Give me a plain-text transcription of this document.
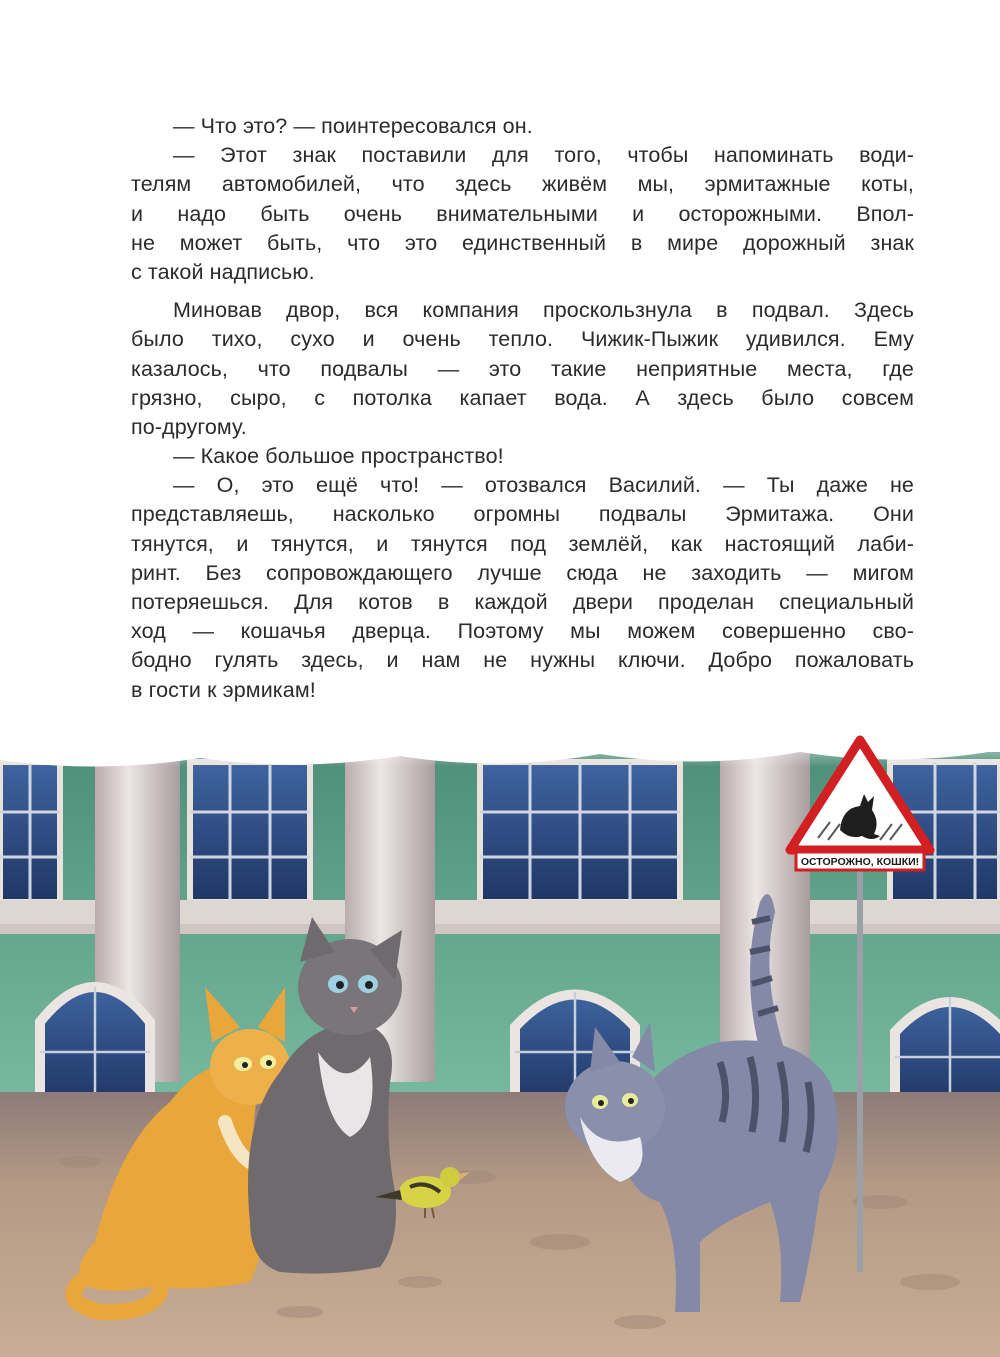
— Что это? — поинтересовался он.
— Этот знак поставили для того, чтобы напоминать води-
телям автомобилей, что здесь живём мы, эрмитажные коты,
и надо быть очень внимательными и осторожными. Впол-
не может быть, что это единственный в мире дорожный знак
с такой надписью.
Миновав двор, вся компания проскользнула в подвал. Здесь
было тихо, сухо и очень тепло. Чижик-Пыжик удивился. Ему
казалось, что подвалы — это такие неприятные места, где
грязно, сыро, с потолка капает вода. А здесь было совсем
по-другому.
— Какое большое пространство!
— О, это ещё что! — отозвался Василий. — Ты даже не
представляешь, насколько огромны подвалы Эрмитажа. Они
тянутся, и тянутся, и тянутся под землёй, как настоящий лаби-
ринт. Без сопровождающего лучше сюда не заходить — мигом
потеряешься. Для котов в каждой двери проделан специальный
ход — кошачья дверца. Поэтому мы можем совершенно сво-
бодно гулять здесь, и нам не нужны ключи. Добро пожаловать
в гости к эрмикам!
ОСТОРОЖНО, КОШКИ!
